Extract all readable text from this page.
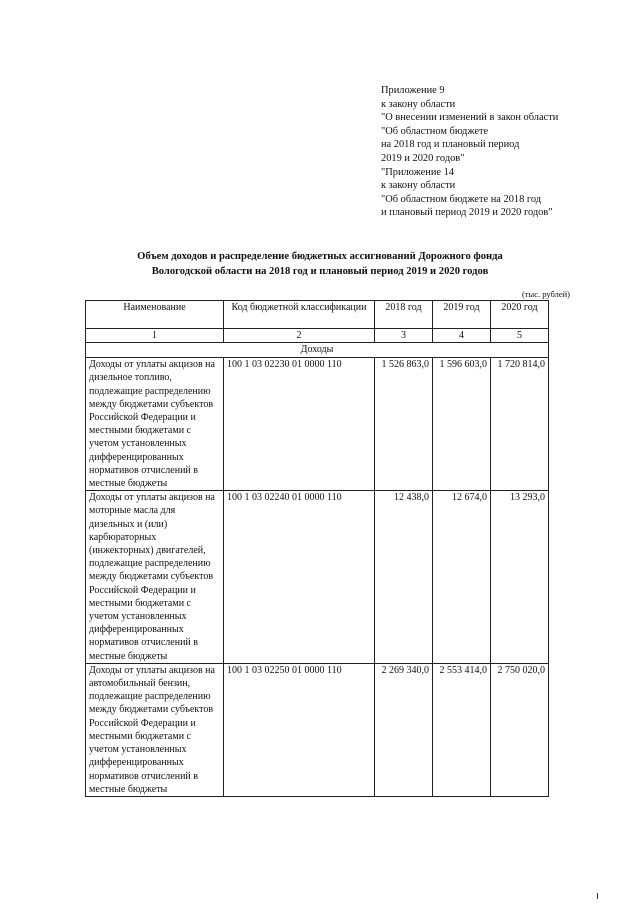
Приложение 9
к закону области
"О внесении изменений в закон области
"Об областном бюджете
на 2018 год и плановый период
2019 и 2020 годов"
"Приложение 14
к закону области
"Об областном бюджете на 2018 год
и плановый период 2019 и 2020 годов"
Объем доходов и распределение бюджетных ассигнований Дорожного фонда
Вологодской области на 2018 год и плановый период 2019 и 2020 годов
(тыс. рублей)
Наименование	Код бюджетной классификации	2018 год	2019 год	2020 год
1	2	3	4	5
Доходы				
Доходы от уплаты акцизов на дизельное топливо, подлежащие распределению между бюджетами субъектов Российской Федерации и местными бюджетами с учетом установленных дифференцированных нормативов отчислений в местные бюджеты	100 1 03 02230 01 0000 110	1 526 863,0	1 596 603,0	1 720 814,0
Доходы от уплаты акцизов на моторные масла для дизельных и (или) карбюраторных (инжекторных) двигателей, подлежащие распределению между бюджетами субъектов Российской Федерации и местными бюджетами с учетом установленных дифференцированных нормативов отчислений в местные бюджеты	100 1 03 02240 01 0000 110	12 438,0	12 674,0	13 293,0
Доходы от уплаты акцизов на автомобильный бензин, подлежащие распределению между бюджетами субъектов Российской Федерации и местными бюджетами с учетом установленных дифференцированных нормативов отчислений в местные бюджеты	100 1 03 02250 01 0000 110	2 269 340,0	2 553 414,0	2 750 020,0
